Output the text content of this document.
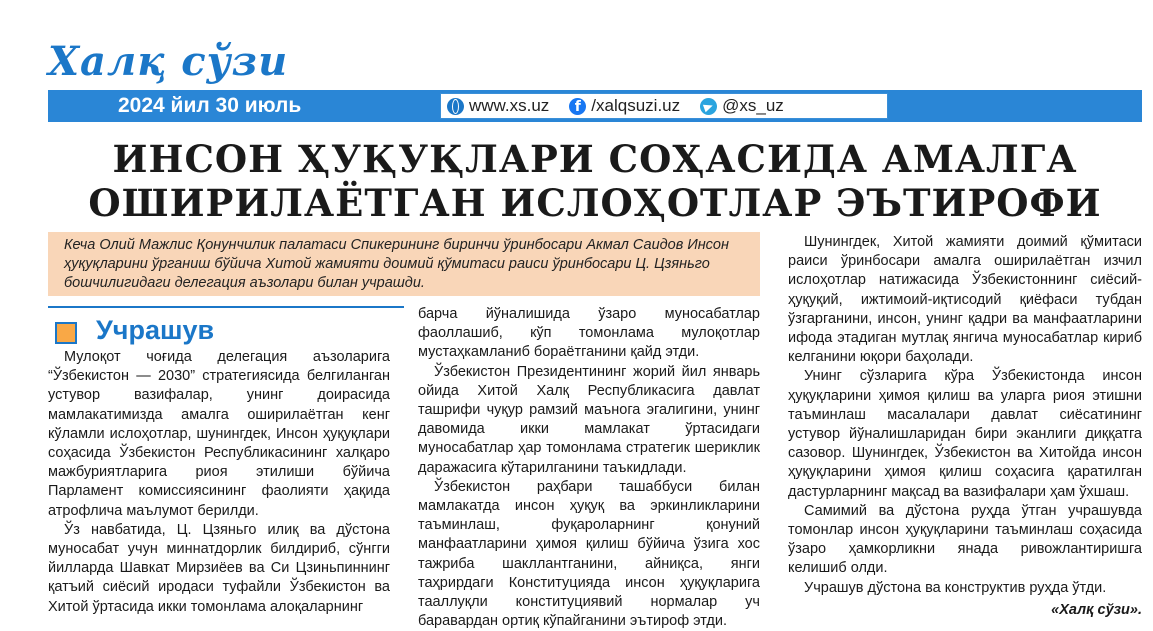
Халқ сўзи
2024 йил 30 июль	www.xs.uz	f /xalqsuzi.uz @xs_uz
ИНСОН ҲУҚУҚЛАРИ СОҲАСИДА АМАЛГА
ОШИРИЛАЁТГАН ИСЛОҲОТЛАР ЭЪТИРОФИ
Кеча Олий Мажлис Қонунчилик палатаси Спикерининг биринчи ўринбосари Акмал Саидов Инсон ҳуқуқларини ўрганиш бўйича Хитой жамияти доимий қўмитаси раиси ўринбосари Ц. Цзяньго бошчилигидаги делегация аъзолари билан учрашди.
Учрашув

Мулоқот чоғида делегация аъзоларига “Ўзбекистон — 2030” стратегиясида белгиланган устувор вазифалар, унинг доирасида мамлакатимизда амалга оширилаётган кенг кўламли ислоҳотлар, шунингдек, Инсон ҳуқуқлари соҳасида Ўзбекистон Республикасининг халқаро мажбуриятларига риоя этилиши бўйича Парламент комиссиясининг фаолияти ҳақида атрофлича маълумот берилди.

Ўз навбатида, Ц. Цзяньго илиқ ва дўстона муносабат учун миннатдорлик билдириб, сўнгги йилларда Шавкат Мирзиёев ва Си Цзиньпиннинг қатъий сиёсий иродаси туфайли Ўзбекистон ва Хитой ўртасида икки томонлама алоқаларнинг

барча йўналишида ўзаро муносабатлар фаоллашиб, кўп томонлама мулоқотлар мустаҳкамланиб бораётганини қайд этди.

Ўзбекистон Президентининг жорий йил январь ойида Хитой Халқ Республикасига давлат ташрифи чуқур рамзий маънога эгалигини, унинг давомида икки мамлакат ўртасидаги муносабатлар ҳар томонлама стратегик шериклик даражасига кўтарилганини таъкидлади.

Ўзбекистон раҳбари ташаббуси билан мамлакатда инсон ҳуқуқ ва эркинликларини таъминлаш, фуқароларнинг қонуний манфаатларини ҳимоя қилиш бўйича ўзига хос тажриба шакллантганини, айниқса, янги таҳрирдаги Конституцияда инсон ҳуқуқларига тааллуқли конституциявий нормалар уч баравардан ортиқ кўпайганини эътироф этди.

Шунингдек, Хитой жамияти доимий қўмитаси раиси ўринбосари амалга оширилаётган изчил ислоҳотлар натижасида Ўзбекистоннинг сиёсий-ҳуқуқий, ижтимоий-иқтисодий қиёфаси тубдан ўзгарганини, инсон, унинг қадри ва манфаатларини ифода этадиган мутлақ янгича муносабатлар кириб келганини юқори баҳолади.

Унинг сўзларига кўра Ўзбекистонда инсон ҳуқуқларини ҳимоя қилиш ва уларга риоя этишни таъминлаш масалалари давлат сиёсатининг устувор йўналишларидан бири эканлиги диққатга сазовор. Шунингдек, Ўзбекистон ва Хитойда инсон ҳуқуқларини ҳимоя қилиш соҳасига қаратилган дастурларнинг мақсад ва вазифалари ҳам ўхшаш.

Самимий ва дўстона руҳда ўтган учрашувда томонлар инсон ҳуқуқларини таъминлаш соҳасида ўзаро ҳамкорликни янада ривожлантиришга келишиб олди.

Учрашув дўстона ва конструктив руҳда ўтди.

«Халқ сўзи».
